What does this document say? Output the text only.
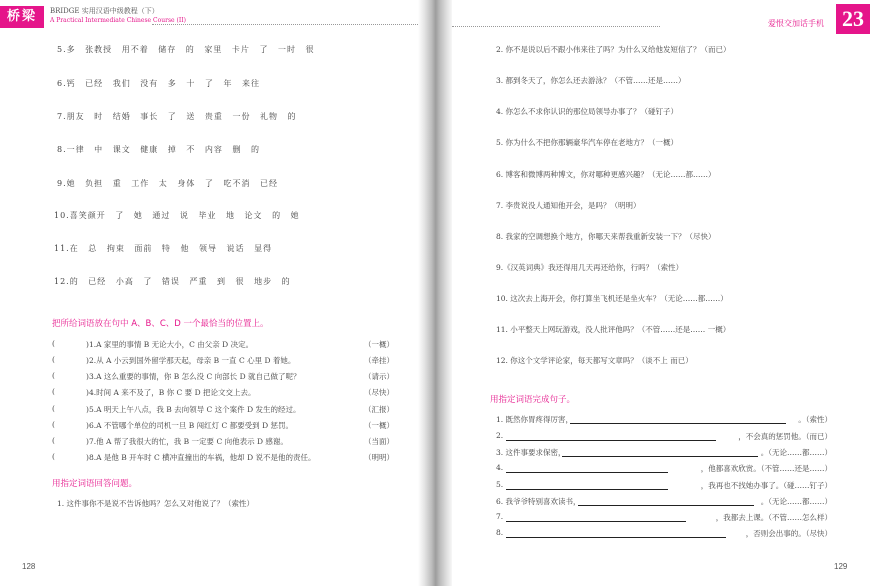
桥梁	BRIDGE 实用汉语中级教程（下）
A Practical Intermediate Chinese Course (II)	爱恨交加话手机 23
5.多 张教授 用不着 储存 的 家里 卡片 了 一时 很
6.钙 已经 我们 没有 多 十 了 年 来往
7.朋友 时 结婚 事长 了 送 贵重 一份 礼物 的
8.一律 中 课文 健康 掉 不 内容 删 的
9.她 负担 重 工作 太 身体 了 吃不消 已经
10.喜笑颜开 了 她 通过 说 毕业 地 论文 的 她
11.在 总 拘束 面前 特 他 领导 说话 显得
12.的 已经 小高 了 错误 严重 到 很 地步 的
把所给词语放在句中 A、B、C、D 一个最恰当的位置上。
(	)1.A 家里的事情 B 无论大小，C 由父亲 D 决定。	（一概）
(	)2.从 A 小云到国外留学那天起，母亲 B 一直 C 心里 D 着她。	（牵挂）
(	)3.A 这么重要的事情，你 B 怎么没 C 向部长 D 就自己做了呢？	（请示）
(	)4.时间 A 来不及了，B 你 C 要 D 把论文交上去。	（尽快）
(	)5.A 明天上午八点，我 B 去向领导 C 这个案件 D 发生的经过。	（汇报）
(	)6.A 不管哪个单位的司机一旦 B 闯红灯 C 都要受到 D 惩罚。	（一概）
(	)7.他 A 帮了我很大的忙，我 B 一定要 C 向他表示 D 感谢。	（当面）
(	)8.A 是他 B 开车时 C 横冲直撞出的车祸，他却 D 说不是他的责任。	（明明）
用指定词语回答问题。
1. 这件事你不是说不告诉他吗？怎么又对他说了？（索性）
128
2. 你不是说以后不跟小伟来往了吗？为什么又给他发短信了？（而已）
3. 都到冬天了，你怎么还去游泳？（不管……还是……）
4. 你怎么不求你认识的那位局领导办事了？（碰钉子）
5. 你为什么不把你那辆豪华汽车停在老地方？（一概）
6. 博客和微博两种博文，你对哪种更感兴趣？（无论……都……）
7. 李贵说没人通知他开会，是吗？（明明）
8. 我家的空调想换个地方，你哪天来帮我重新安装一下？（尽快）
9.《汉英词典》我还得用几天再还给你，行吗？（索性）
10. 这次去上海开会，你打算坐飞机还是坐火车？（无论……都……）
11. 小平整天上网玩游戏，没人批评他吗？（不管……还是…… 一概）
12. 你这个文学评论家，每天都写文章吗？（谈不上 而已）
用指定词语完成句子。
1. 既然你胃疼得厉害，	。（索性）
2.	，不会真的惩罚他。（而已）
3. 这件事要求保密，	。（无论……都……）
4.	，他都喜欢欣赏。（不管……还是……）
5.	，我再也不找她办事了。（碰……钉子）
6. 我爷爷特别喜欢读书，	。（无论……都……）
7.	，我都去上课。（不管……怎么样）
8.	，否则会出事的。（尽快）
129
